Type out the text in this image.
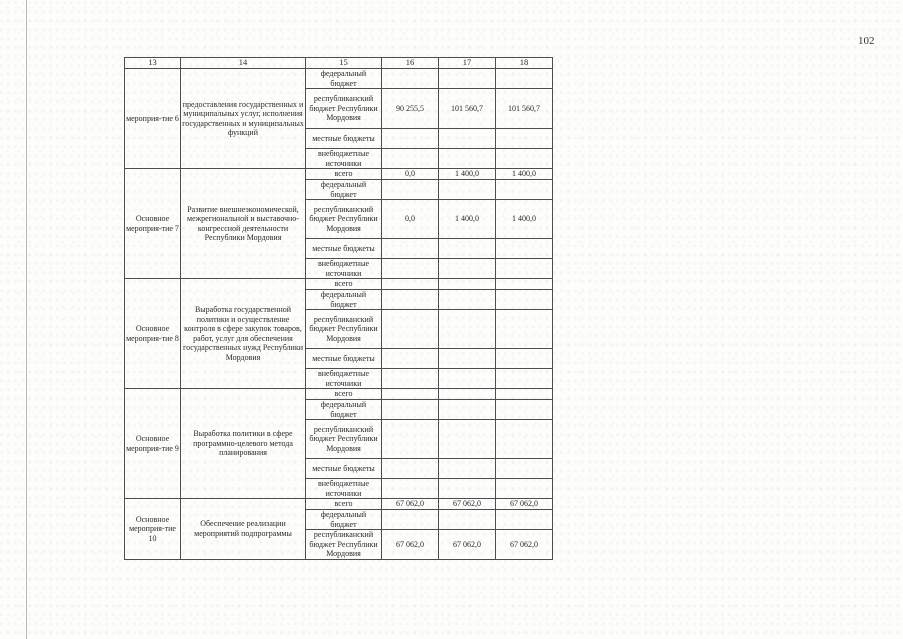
102
13	14	15	16	17	18
мероприя-тие 6	предоставления государственных и муниципальных услуг, исполнения государственных и муниципальных функций	федеральный бюджет			
		республиканский бюджет Республики Мордовия	90 255,5	101 560,7	101 560,7
		местные бюджеты			
		внебюджетные источники			
Основное мероприя-тие 7	Развитие внешнеэкономической, межрегиональной и выставочно-конгрессной деятельности Республики Мордовия	всего	0,0	1 400,0	1 400,0
		федеральный бюджет			
		республиканский бюджет Республики Мордовия	0,0	1 400,0	1 400,0
		местные бюджеты			
		внебюджетные источники			
Основное мероприя-тие 8	Выработка государственной политики и осуществление контроля в сфере закупок товаров, работ, услуг для обеспечения государственных нужд Республики Мордовия	всего			
		федеральный бюджет			
		республиканский бюджет Республики Мордовия			
		местные бюджеты			
		внебюджетные источники			
Основное мероприя-тие 9	Выработка политики в сфере программно-целевого метода планирования	всего			
		федеральный бюджет			
		республиканский бюджет Республики Мордовия			
		местные бюджеты			
		внебюджетные источники			
Основное мероприя-тие 10	Обеспечение реализации мероприятий подпрограммы	всего	67 062,0	67 062,0	67 062,0
		федеральный бюджет			
		республиканский бюджет Республики Мордовия	67 062,0	67 062,0	67 062,0
